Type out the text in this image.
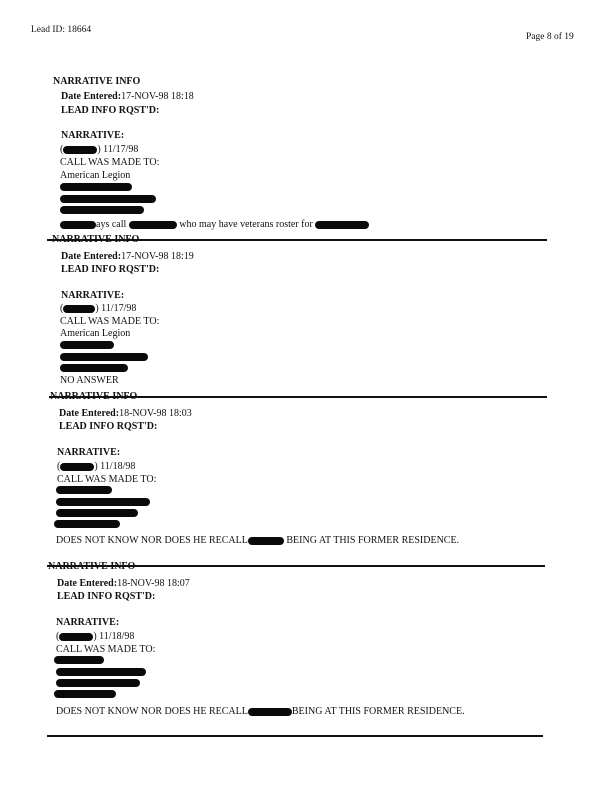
Lead ID: 18664
Page 8 of 19
NARRATIVE INFO
Date Entered:17-NOV-98 18:18
LEAD INFO RQST'D:
NARRATIVE:
(	) 11/17/98
CALL WAS MADE TO:
American Legion
ays call	who may have veterans roster for
NARRATIVE INFO
Date Entered:17-NOV-98 18:19
LEAD INFO RQST'D:
NARRATIVE:
(	) 11/17/98
CALL WAS MADE TO:
American Legion
NO ANSWER
NARRATIVE INFO
Date Entered:18-NOV-98 18:03
LEAD INFO RQST'D:
NARRATIVE:
(	) 11/18/98
CALL WAS MADE TO:
DOES NOT KNOW NOR DOES HE RECALL	BEING AT THIS FORMER RESIDENCE.
NARRATIVE INFO
Date Entered:18-NOV-98 18:07
LEAD INFO RQST'D:
NARRATIVE:
(	) 11/18/98
CALL WAS MADE TO:
DOES NOT KNOW NOR DOES HE RECALL	BEING AT THIS FORMER RESIDENCE.
